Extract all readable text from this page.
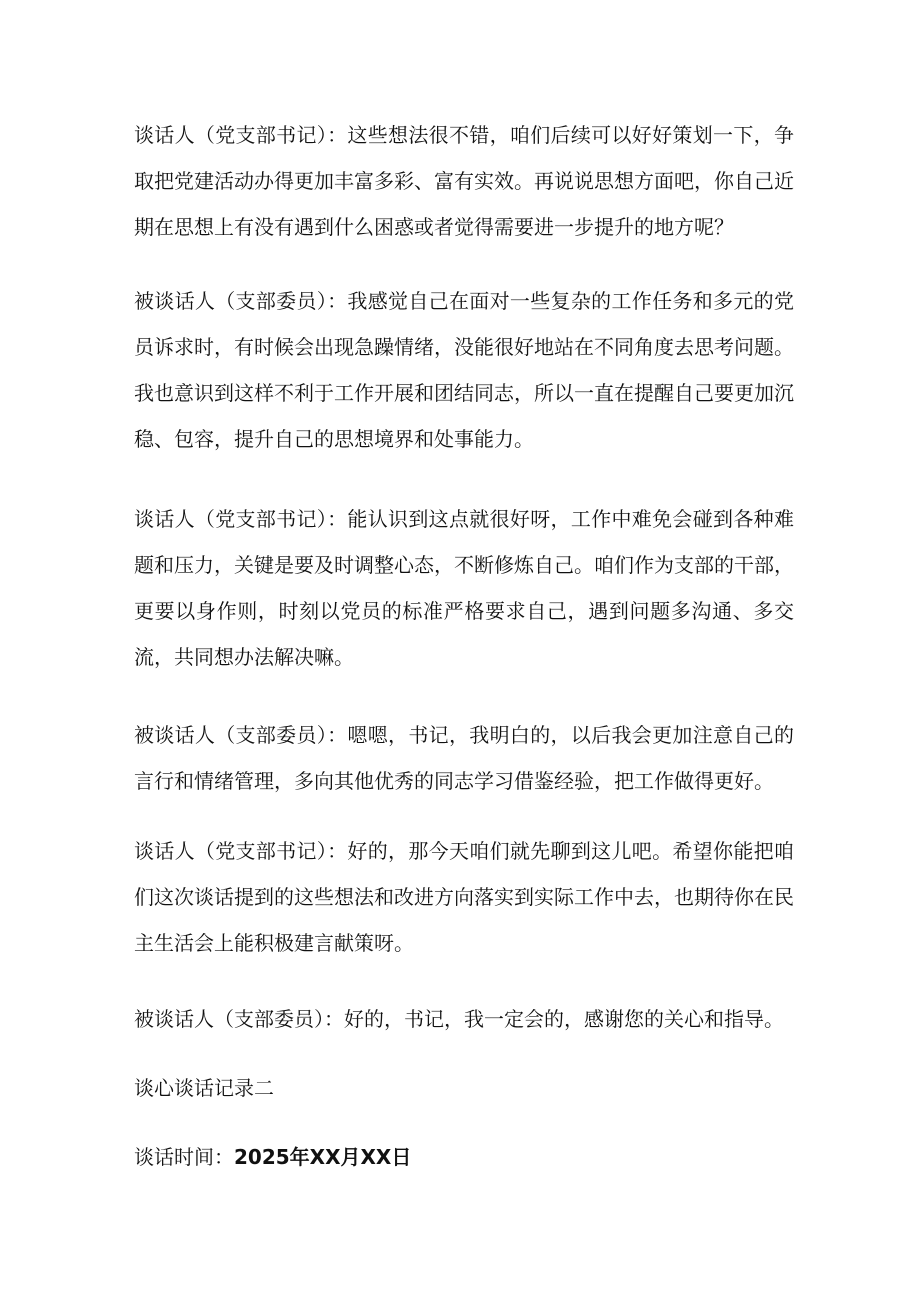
谈话人（党支部书记）：这些想法很不错，咱们后续可以好好策划一下，争取把党建活动办得更加丰富多彩、富有实效。再说说思想方面吧，你自己近期在思想上有没有遇到什么困惑或者觉得需要进一步提升的地方呢？

被谈话人（支部委员）：我感觉自己在面对一些复杂的工作任务和多元的党员诉求时，有时候会出现急躁情绪，没能很好地站在不同角度去思考问题。我也意识到这样不利于工作开展和团结同志，所以一直在提醒自己要更加沉稳、包容，提升自己的思想境界和处事能力。

谈话人（党支部书记）：能认识到这点就很好呀，工作中难免会碰到各种难题和压力，关键是要及时调整心态，不断修炼自己。咱们作为支部的干部，更要以身作则，时刻以党员的标准严格要求自己，遇到问题多沟通、多交流，共同想办法解决嘛。

被谈话人（支部委员）：嗯嗯，书记，我明白的，以后我会更加注意自己的言行和情绪管理，多向其他优秀的同志学习借鉴经验，把工作做得更好。

谈话人（党支部书记）：好的，那今天咱们就先聊到这儿吧。希望你能把咱们这次谈话提到的这些想法和改进方向落实到实际工作中去，也期待你在民主生活会上能积极建言献策呀。

被谈话人（支部委员）：好的，书记，我一定会的，感谢您的关心和指导。

谈心谈话记录二

谈话时间：2025年XX月XX日
